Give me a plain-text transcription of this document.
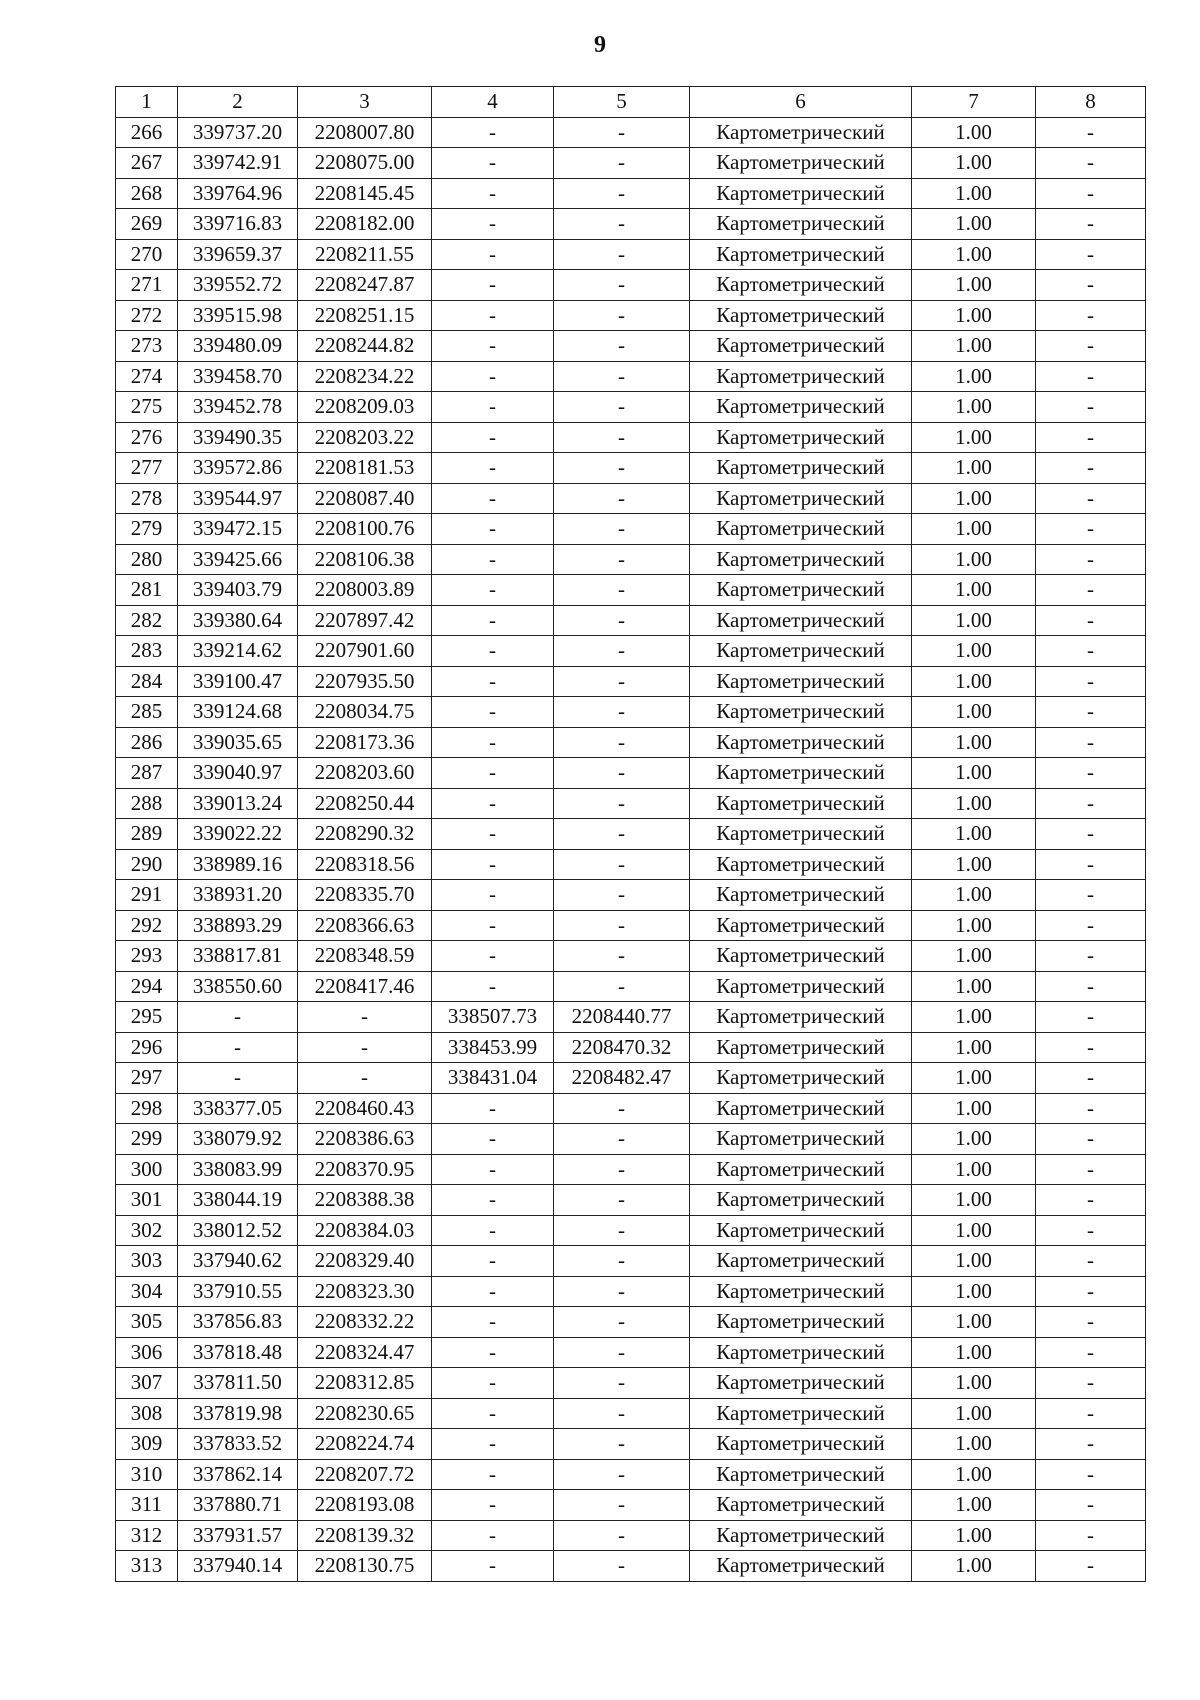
9
1	2	3	4	5	6	7	8
266	339737.20	2208007.80	-	-	Картометрический	1.00	-
267	339742.91	2208075.00	-	-	Картометрический	1.00	-
268	339764.96	2208145.45	-	-	Картометрический	1.00	-
269	339716.83	2208182.00	-	-	Картометрический	1.00	-
270	339659.37	2208211.55	-	-	Картометрический	1.00	-
271	339552.72	2208247.87	-	-	Картометрический	1.00	-
272	339515.98	2208251.15	-	-	Картометрический	1.00	-
273	339480.09	2208244.82	-	-	Картометрический	1.00	-
274	339458.70	2208234.22	-	-	Картометрический	1.00	-
275	339452.78	2208209.03	-	-	Картометрический	1.00	-
276	339490.35	2208203.22	-	-	Картометрический	1.00	-
277	339572.86	2208181.53	-	-	Картометрический	1.00	-
278	339544.97	2208087.40	-	-	Картометрический	1.00	-
279	339472.15	2208100.76	-	-	Картометрический	1.00	-
280	339425.66	2208106.38	-	-	Картометрический	1.00	-
281	339403.79	2208003.89	-	-	Картометрический	1.00	-
282	339380.64	2207897.42	-	-	Картометрический	1.00	-
283	339214.62	2207901.60	-	-	Картометрический	1.00	-
284	339100.47	2207935.50	-	-	Картометрический	1.00	-
285	339124.68	2208034.75	-	-	Картометрический	1.00	-
286	339035.65	2208173.36	-	-	Картометрический	1.00	-
287	339040.97	2208203.60	-	-	Картометрический	1.00	-
288	339013.24	2208250.44	-	-	Картометрический	1.00	-
289	339022.22	2208290.32	-	-	Картометрический	1.00	-
290	338989.16	2208318.56	-	-	Картометрический	1.00	-
291	338931.20	2208335.70	-	-	Картометрический	1.00	-
292	338893.29	2208366.63	-	-	Картометрический	1.00	-
293	338817.81	2208348.59	-	-	Картометрический	1.00	-
294	338550.60	2208417.46	-	-	Картометрический	1.00	-
295	-	-	338507.73	2208440.77	Картометрический	1.00	-
296	-	-	338453.99	2208470.32	Картометрический	1.00	-
297	-	-	338431.04	2208482.47	Картометрический	1.00	-
298	338377.05	2208460.43	-	-	Картометрический	1.00	-
299	338079.92	2208386.63	-	-	Картометрический	1.00	-
300	338083.99	2208370.95	-	-	Картометрический	1.00	-
301	338044.19	2208388.38	-	-	Картометрический	1.00	-
302	338012.52	2208384.03	-	-	Картометрический	1.00	-
303	337940.62	2208329.40	-	-	Картометрический	1.00	-
304	337910.55	2208323.30	-	-	Картометрический	1.00	-
305	337856.83	2208332.22	-	-	Картометрический	1.00	-
306	337818.48	2208324.47	-	-	Картометрический	1.00	-
307	337811.50	2208312.85	-	-	Картометрический	1.00	-
308	337819.98	2208230.65	-	-	Картометрический	1.00	-
309	337833.52	2208224.74	-	-	Картометрический	1.00	-
310	337862.14	2208207.72	-	-	Картометрический	1.00	-
311	337880.71	2208193.08	-	-	Картометрический	1.00	-
312	337931.57	2208139.32	-	-	Картометрический	1.00	-
313	337940.14	2208130.75	-	-	Картометрический	1.00	-
